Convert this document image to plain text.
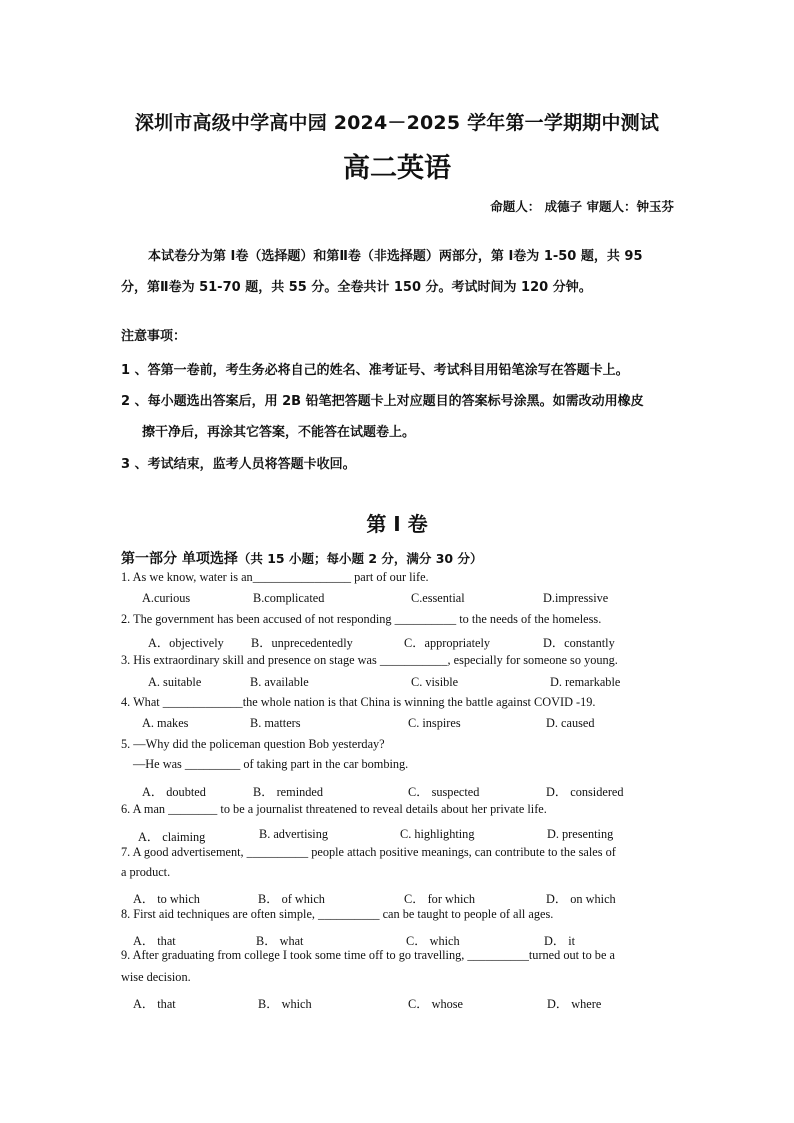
深圳市高级中学高中园 2024－2025 学年第一学期期中测试
高二英语
命题人： 成德子 审题人：钟玉芬
本试卷分为第 Ⅰ卷（选择题）和第Ⅱ卷（非选择题）两部分，第 Ⅰ卷为 1-50 题，共 95
分，第Ⅱ卷为 51-70 题，共 55 分。全卷共计 150 分。考试时间为 120 分钟。
注意事项：
1 、答第一卷前，考生务必将自己的姓名、准考证号、考试科目用铅笔涂写在答题卡上。
2 、每小题选出答案后，用 2B 铅笔把答题卡上对应题目的答案标号涂黑。如需改动用橡皮
擦干净后，再涂其它答案，不能答在试题卷上。
3 、考试结束，监考人员将答题卡收回。
第 I 卷
第一部分 单项选择（共 15 小题；每小题 2 分，满分 30 分）
1. As we know, water is an________________ part of our life.
A.curious	B.complicated	C.essential	D.impressive
2. The government has been accused of not responding __________ to the needs of the homeless.
A．objectively B．unprecedentedly	C．appropriately	D．constantly
3. His extraordinary skill and presence on stage was ___________, especially for someone so young.
A. suitable	B. available	C. visible	D. remarkable
4. What _____________the whole nation is that China is winning the battle against COVID -19.
A. makes	B. matters	C. inspires	D. caused
5. —Why did the policeman question Bob yesterday?
—He was _________ of taking part in the car bombing.
A． doubted	B． reminded	C． suspected	D． considered
6. A man ________ to be a journalist threatened to reveal details about her private life.
A． claiming	B. advertising	C. highlighting	D. presenting
7. A good advertisement, __________ people attach positive meanings, can contribute to the sales of
a product.
A． to which	B． of which	C． for which	D． on which
8. First aid techniques are often simple, __________ can be taught to people of all ages.
A． that	B． what	C． which	D． it
9. After graduating from college I took some time off to go travelling, __________turned out to be a
wise decision.
A． that	B． which	C． whose	D． where
